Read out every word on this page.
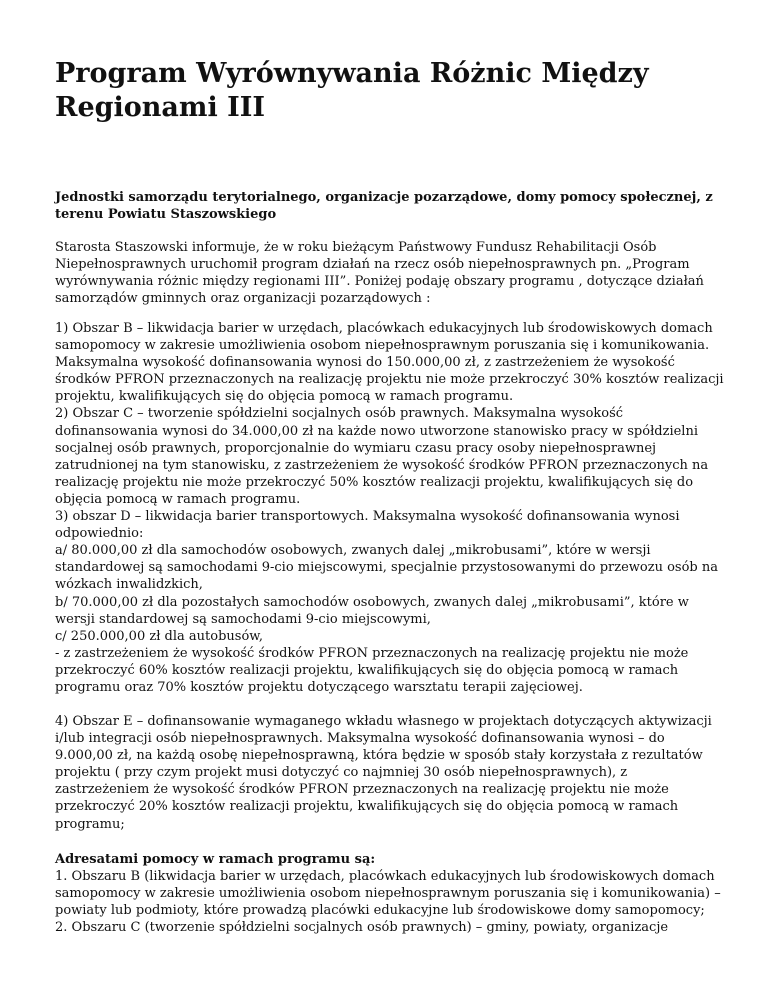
Program Wyrównywania Różnic Między
Regionami III

Jednostki samorządu terytorialnego, organizacje pozarządowe, domy pomocy społecznej, z
terenu Powiatu Staszowskiego

Starosta Staszowski informuje, że w roku bieżącym Państwowy Fundusz Rehabilitacji Osób
Niepełnosprawnych uruchomił program działań na rzecz osób niepełnosprawnych pn. „Program
wyrównywania różnic między regionami III”. Poniżej podaję obszary programu , dotyczące działań
samorządów gminnych oraz organizacji pozarządowych :

1) Obszar B – likwidacja barier w urzędach, placówkach edukacyjnych lub środowiskowych domach
samopomocy w zakresie umożliwienia osobom niepełnosprawnym poruszania się i komunikowania.
Maksymalna wysokość dofinansowania wynosi do 150.000,00 zł, z zastrzeżeniem że wysokość
środków PFRON przeznaczonych na realizację projektu nie może przekroczyć 30% kosztów realizacji
projektu, kwalifikujących się do objęcia pomocą w ramach programu.
2) Obszar C – tworzenie spółdzielni socjalnych osób prawnych. Maksymalna wysokość
dofinansowania wynosi do 34.000,00 zł na każde nowo utworzone stanowisko pracy w spółdzielni
socjalnej osób prawnych, proporcjonalnie do wymiaru czasu pracy osoby niepełnosprawnej
zatrudnionej na tym stanowisku, z zastrzeżeniem że wysokość środków PFRON przeznaczonych na
realizację projektu nie może przekroczyć 50% kosztów realizacji projektu, kwalifikujących się do
objęcia pomocą w ramach programu.
3) obszar D – likwidacja barier transportowych. Maksymalna wysokość dofinansowania wynosi
odpowiednio:
a/ 80.000,00 zł dla samochodów osobowych, zwanych dalej „mikrobusami”, które w wersji
standardowej są samochodami 9-cio miejscowymi, specjalnie przystosowanymi do przewozu osób na
wózkach inwalidzkich,
b/ 70.000,00 zł dla pozostałych samochodów osobowych, zwanych dalej „mikrobusami”, które w
wersji standardowej są samochodami 9-cio miejscowymi,
c/ 250.000,00 zł dla autobusów,
- z zastrzeżeniem że wysokość środków PFRON przeznaczonych na realizację projektu nie może
przekroczyć 60% kosztów realizacji projektu, kwalifikujących się do objęcia pomocą w ramach
programu oraz 70% kosztów projektu dotyczącego warsztatu terapii zajęciowej.

4) Obszar E – dofinansowanie wymaganego wkładu własnego w projektach dotyczących aktywizacji
i/lub integracji osób niepełnosprawnych. Maksymalna wysokość dofinansowania wynosi – do
9.000,00 zł, na każdą osobę niepełnosprawną, która będzie w sposób stały korzystała z rezultatów
projektu ( przy czym projekt musi dotyczyć co najmniej 30 osób niepełnosprawnych), z
zastrzeżeniem że wysokość środków PFRON przeznaczonych na realizację projektu nie może
przekroczyć 20% kosztów realizacji projektu, kwalifikujących się do objęcia pomocą w ramach
programu;

Adresatami pomocy w ramach programu są:
1. Obszaru B (likwidacja barier w urzędach, placówkach edukacyjnych lub środowiskowych domach
samopomocy w zakresie umożliwienia osobom niepełnosprawnym poruszania się i komunikowania) –
powiaty lub podmioty, które prowadzą placówki edukacyjne lub środowiskowe domy samopomocy;
2. Obszaru C (tworzenie spółdzielni socjalnych osób prawnych) – gminy, powiaty, organizacje
